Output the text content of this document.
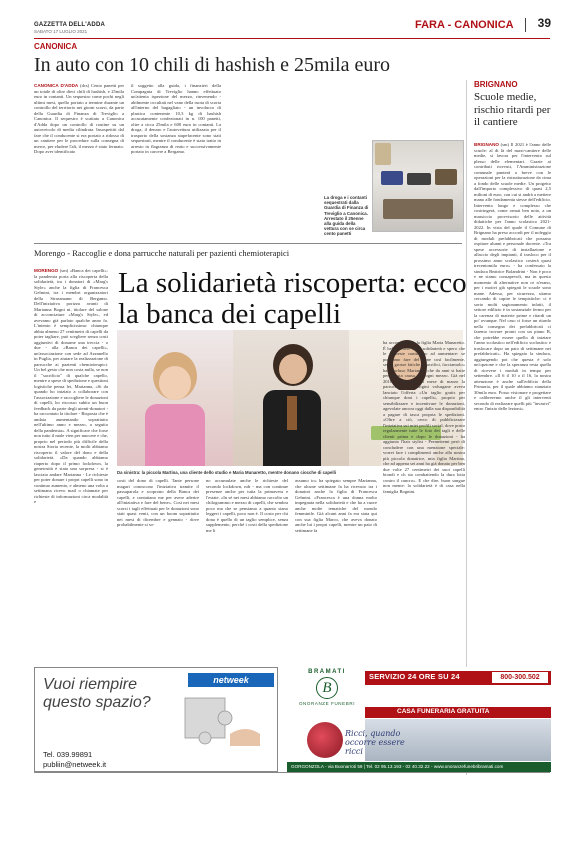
GAZZETTA DELL'ADDA
SABATO 17 LUGLIO 2021
FARA - CANONICA	39
CANONICA
In auto con 10 chili di hashish e 25mila euro
CANONICA D'ADDA (dcs) Cento panetti per un totale di oltre dieci chili di hashish, e 25mila euro in contanti. Un sequestro come pochi negli ultimi mesi, quello portato a termine durante un controllo del territorio nei giorni scorsi, da parte della Guardia di Finanza di Treviglio a Canonica. Il sequestro è scattato a Canonica d'Adda dopo un controllo di routine su un autoveicolo di media cilindrata. Insospettiti dal fare che il conducente si era portato a ridosso di un cantiere per le procedure sulla consegna di merce, per eludere l'alt, il mezzo è stato fermato. Dopo aver identificato
il soggetto alla guida, i finanzieri della Compagnia di Treviglio hanno effettuato un'attenta ispezione del mezzo, rinvenendo - abilmente occultati nel vano della ruota di scorta all'interno del bagagliaio - un involucro di plastica contenente 10,3 kg di hashish accuratamente confezionati in n. 100 panetti, oltre a circa 25mila e 600 euro in contanti. La droga, il denaro e l'autovettura utilizzata per il trasporto della sostanza stupefacente sono stati sequestrati, mentre il conducente è stato tratto in arresto in flagranza di reato e successivamente portato in carcere a Bergamo.
La droga e i contanti sequestrati dalla Guardia di Finanza di Treviglio a Canonica. Arrestato il 25enne alla guida della vettura con se circa cento panetti
BRIGNANO
Scuole medie, rischio ritardi per il cantiere
BRIGNANO (sm) Il 2021 è l'anno delle scuole: al di là del maxi-cantiere delle medie, si lavora per l'intervento sul plesso delle elementari. Grazie ai contributi ricevuti, l'Amministrazione comunale punterà a breve con le operazioni per la ristrutturazione da cima a fondo delle scuole medie. Un progetto dall'importo complessivo di quasi 2,5 milioni di euro, con cui si andrà a mettere mano alle fondamenta stesse dell'edificio. Intervento lungo e complesso che costringerà, come ormai ben noto, a un massiccio provvisorio delle attività didattiche per l'anno scolastico 2021-2022. In vista del quale il Comune di Brignano ha preso accordi per il noleggio di moduli prefabbricati che possano ospitare alunni e personale docente. «Tra spese accessorie di installazione e allaccio degli impianti, il trasloco per il prossimo anno scolastico costerà quasi trecentomila euro» - ha confessato la sindaca Beatrice Bolandrini - Non è poco e ne siamo consapevoli, ma in questo momento di alternative non ce n'erano, per i motivi già spiegati le scuole sono mane. Adesso, per sicurezza, stiamo cercando di capire le tempistiche: ci è sorto molti sagionamento infatti, il settore edilizio è in sostanziale fermo per la carenza di materie prime e ritardi un po' ovunque. Nel caso ci fosse un ritardo nella consegna dei prefabbricati ci faremo trovare pronti con un piano B, che potrebbe essere quello di iniziare l'anno scolastico nell'edificio scolastico e traslocare dopo un paio di settimane nei prefabbricati». Ha spiegato la sindaca, aggiungendo poi che questa è solo un'opzione e che la speranza resta quella di ricevere i moduli in tempo per settembre. «Il 6 il 10 o il 16, la nostra attenzione è anche sull'edificio della Primaria, per il quale abbiamo stanziato 30mila euro. Posso visionare e progettare e calibreremo anche il gli interventi secondo di realizzare quelli più "invasivi" entro l'inizio delle lezioni».
Morengo - Raccoglie e dona parrucche naturali per pazienti chemioterapici
MORENGO (sm) «Banca dei capelli»: la pandemia porta alla riscoperta della solidarietà, tra i donatori di «Marg's Style» anche la figlia di Francesca Gelmini, tra i membri organizzatori della Strassmann di Bergamo. Dell'iniziativa porizza avanti di Marianna Bogni ni, titolare del salone di acconciature «Marg's Style», ed avevamo già parlato qualche anno fa. L'intento è semplicissimo: chiunque abbia almeno 27 centimetri di capelli da poter tagliare, può scegliere senza costi aggiuntivi di donarne una treccia - o due - alla «Banca dei capelli», un'associazione con sede ad Azzanello in Puglia, per aiutare la realizzazione di parrucche ai pazienti chemioterapici. Un bel gesto che non costa nulla, se non il "sacrificio" di qualche capello, mentre a spese di spedizione e questioni logistiche pensa lei, Marianna, «Si da quando ho iniziato a collaborare con l'associazione e raccogliere le donazioni di capelli, ho riscosso subito un buon feedback da parte degli utenti-donatori - ha raccontato la titolare - Risposta che è andata aumentando soprattutto nell'ultimo anno e mezzo, a seguito della pandemia». A significare che forse non tutto il male vien per nuocere e che, proprio nel periodo più difficile della nostra Storia recente, la molti abbiamo riscoperto il valore del dono e della solidarietà. «Da quando abbiamo riaperto dopo il primo lockdown, la generosità è stata una sorpresa - si è lasciata andare Marianna - Le richieste per poter donare i propri capelli sono in continuo aumento, e almeno una volta a settimana ricevo mail o chiamate per richieste di informazioni circa modalità e
La solidarietà riscoperta: ecco la banca dei capelli
Da sinistra: la piccola Martina, una cliente dello studio e Maria Munaretto, mentre donano ciocche di capelli
costi del dono di capelli. Tante persone magari conoscono l'iniziativa tramite il passaparola e scoprono della Banca dei capelli, e contattano me per avere aderire all'iniziativa e fare del bene». Così nei mesi scorsi i tagli effettuati per le donazioni sono stati quasi venti, con un boom soprattutto nei mesi di dicembre e gennaio - dove probabilmente si so-
no accumulate anche le richieste del secondo lockdown, ndr - ma con continue presenze anche per tutta la primavera e l'estate. «In sé nei mesi abbiamo raccolto un chilogrammo e mezzo di capelli, che sembra poco ma che se pensiamo a quanto siano leggeri i capelli, poco non è. Il costo per chi dona è quello di un taglio semplice, senza supplemento, perché i costi della spedizione me li
assumo io» ha spiegato sempre Marianna, che alcune settimane fa ha ricevuto tra i donatori anche la figlia di Francesca Gelmini. «Francesca è una donna molto impegnata nella solidarietà e che ha a cuore anche molte tematiche del mondo femminile. Già alcuni anni fa era stata qui con sua figlia Marco, che aveva donato anche lui i propri capelli, mentre un paio di settimane fa
ha accompagnato la figlia Maria Munaretto. È bello vedere tanta solidarietà e spero che le richieste continuino ad aumentare: se possiamo fare del bene così facilmente, senza grosse fatiche o sacrifici, facciamolo» ha concluso Marianna, che da anni si batte per questa causa con ogni mezzo. Già nel 2018, infatti, per il mese di marzo la parrucchiera di origini valsugane aveva lanciato l'offerta «Un taglio gratis per chiunque doni i capelli», proprio per sensibilizzare e incentivare le donazioni, agevolate ancora oggi dalla sua disponibilità a pagare di tasca propria le spedizioni. «Oltre a ciò, cerco di pubblicizzare l'iniziativa sui miei profili social, dove posto regolarmente tutte le foto dei tagli e delle clienti prima e dopo le donazioni - ha aggiunto l'hair stylist - Permettemi però di concludere con una menzione speciale: vorrei fare i complimenti anche alla nostra più piccola donatrice, mia figlia Martina, che ad appena sei anni ha già donato per ben due volte 27 centimetri dei suoi capelli biondi e ch sta combattendo la dura lotta contro il cancro». E che dire, buon sangue non mente: la solidarietà è di casa nella famiglia Bognini.
Vuoi riempire questo spazio?
netweek
Tel. 039.99891
publiin@netweek.it
BRAMATI
B
ONORANZE FUNEBRI
SERVIZIO 24 ORE SU 24	800-300.502
CASA FUNERARIA GRATUITA
Ricci, quando occorre essere ricci
GORGONZOLA - via Buonarroti 59 | Tel. 02 95.13.193 - 02 40.32.22 - www.onoranzefunebribramati.com
